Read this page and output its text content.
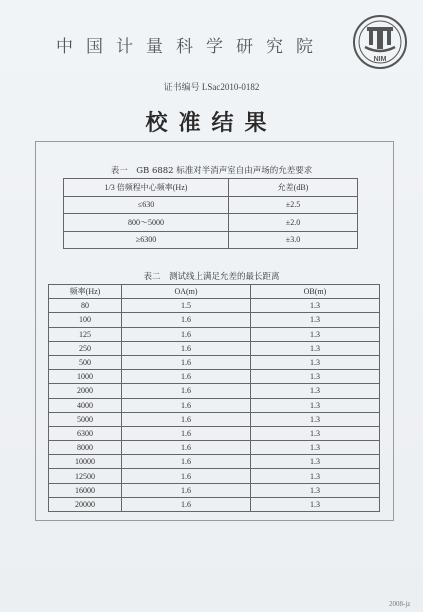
中国计量科学研究院
NIM
证书编号 LSac2010-0182
校准结果
表一　GB 6882 标准对半消声室自由声场的允差要求
1/3 倍频程中心频率(Hz)	允差(dB)
≤630	±2.5
800～5000	±2.0
≥6300	±3.0
表二　测试线上满足允差的最长距离
频率(Hz)	OA(m)	OB(m)
80	1.5	1.3
100	1.6	1.3
125	1.6	1.3
250	1.6	1.3
500	1.6	1.3
1000	1.6	1.3
2000	1.6	1.3
4000	1.6	1.3
5000	1.6	1.3
6300	1.6	1.3
8000	1.6	1.3
10000	1.6	1.3
12500	1.6	1.3
16000	1.6	1.3
20000	1.6	1.3
2008-jz
